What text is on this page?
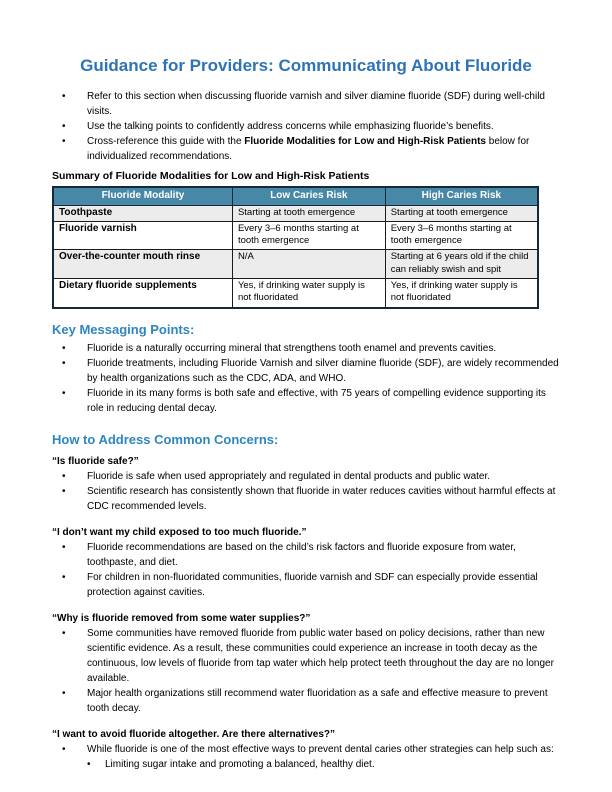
Guidance for Providers: Communicating About Fluoride
• Refer to this section when discussing fluoride varnish and silver diamine fluoride (SDF) during well-child visits.
• Use the talking points to confidently address concerns while emphasizing fluoride’s benefits.
• Cross-reference this guide with the Fluoride Modalities for Low and High-Risk Patients below for individualized recommendations.

Summary of Fluoride Modalities for Low and High-Risk Patients

Fluoride Modality	Low Caries Risk	High Caries Risk
Toothpaste	Starting at tooth emergence	Starting at tooth emergence
Fluoride varnish	Every 3–6 months starting at tooth emergence	Every 3–6 months starting at tooth emergence
Over-the-counter mouth rinse	N/A	Starting at 6 years old if the child can reliably swish and spit
Dietary fluoride supplements	Yes, if drinking water supply is not fluoridated	Yes, if drinking water supply is not fluoridated
Key Messaging Points:
• Fluoride is a naturally occurring mineral that strengthens tooth enamel and prevents cavities.
• Fluoride treatments, including Fluoride Varnish and silver diamine fluoride (SDF), are widely recommended by health organizations such as the CDC, ADA, and WHO.
• Fluoride in its many forms is both safe and effective, with 75 years of compelling evidence supporting its role in reducing dental decay.
How to Address Common Concerns:

“Is fluoride safe?”

• Fluoride is safe when used appropriately and regulated in dental products and public water.
• Scientific research has consistently shown that fluoride in water reduces cavities without harmful effects at CDC recommended levels.

“I don’t want my child exposed to too much fluoride.”

• Fluoride recommendations are based on the child’s risk factors and fluoride exposure from water, toothpaste, and diet.
• For children in non-fluoridated communities, fluoride varnish and SDF can especially provide essential protection against cavities.

“Why is fluoride removed from some water supplies?”

• Some communities have removed fluoride from public water based on policy decisions, rather than new scientific evidence. As a result, these communities could experience an increase in tooth decay as the continuous, low levels of fluoride from tap water which help protect teeth throughout the day are no longer available.
• Major health organizations still recommend water fluoridation as a safe and effective measure to prevent tooth decay.

“I want to avoid fluoride altogether. Are there alternatives?”

• While fluoride is one of the most effective ways to prevent dental caries other strategies can help such as:
• Limiting sugar intake and promoting a balanced, healthy diet.
